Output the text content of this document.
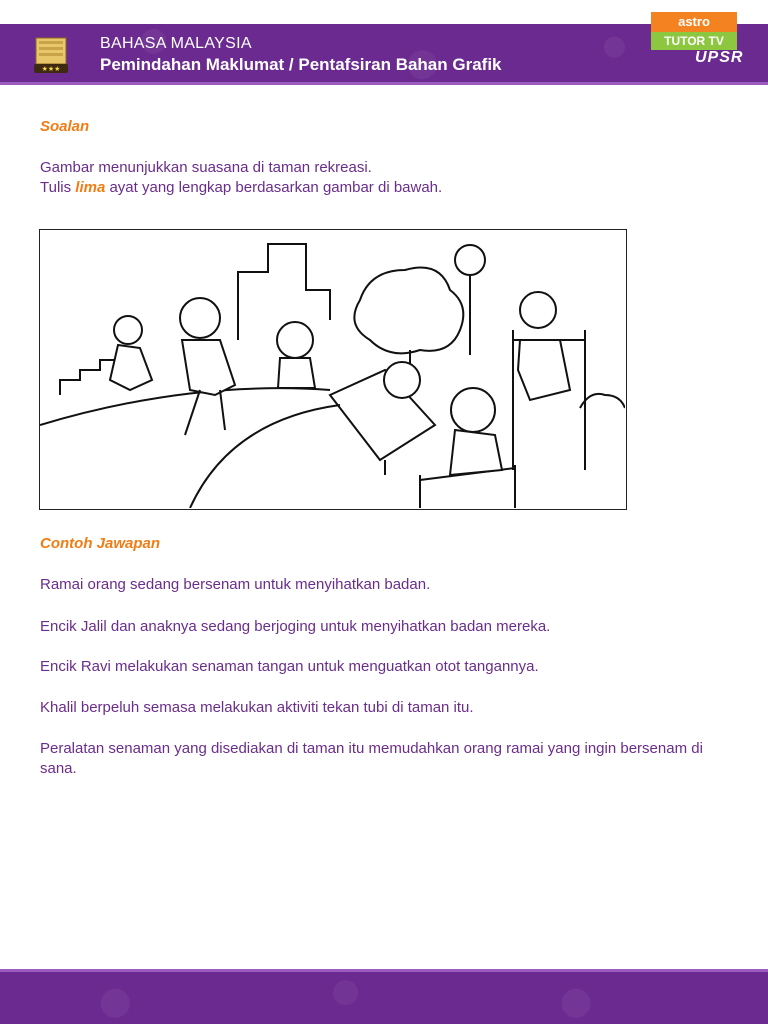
★★★
BAHASA MALAYSIA
Pemindahan Maklumat / Pentafsiran Bahan Grafik
astro
TUTOR TV
UPSR
Soalan
Gambar menunjukkan suasana di taman rekreasi.
Tulis lima ayat yang lengkap berdasarkan gambar di bawah.
Contoh Jawapan
Ramai orang sedang bersenam untuk menyihatkan badan.
Encik Jalil dan anaknya sedang berjoging untuk menyihatkan badan mereka.
Encik Ravi melakukan senaman tangan untuk menguatkan otot tangannya.
Khalil berpeluh semasa melakukan aktiviti tekan tubi di taman itu.
Peralatan senaman yang disediakan di taman itu memudahkan orang ramai yang ingin bersenam di sana.
